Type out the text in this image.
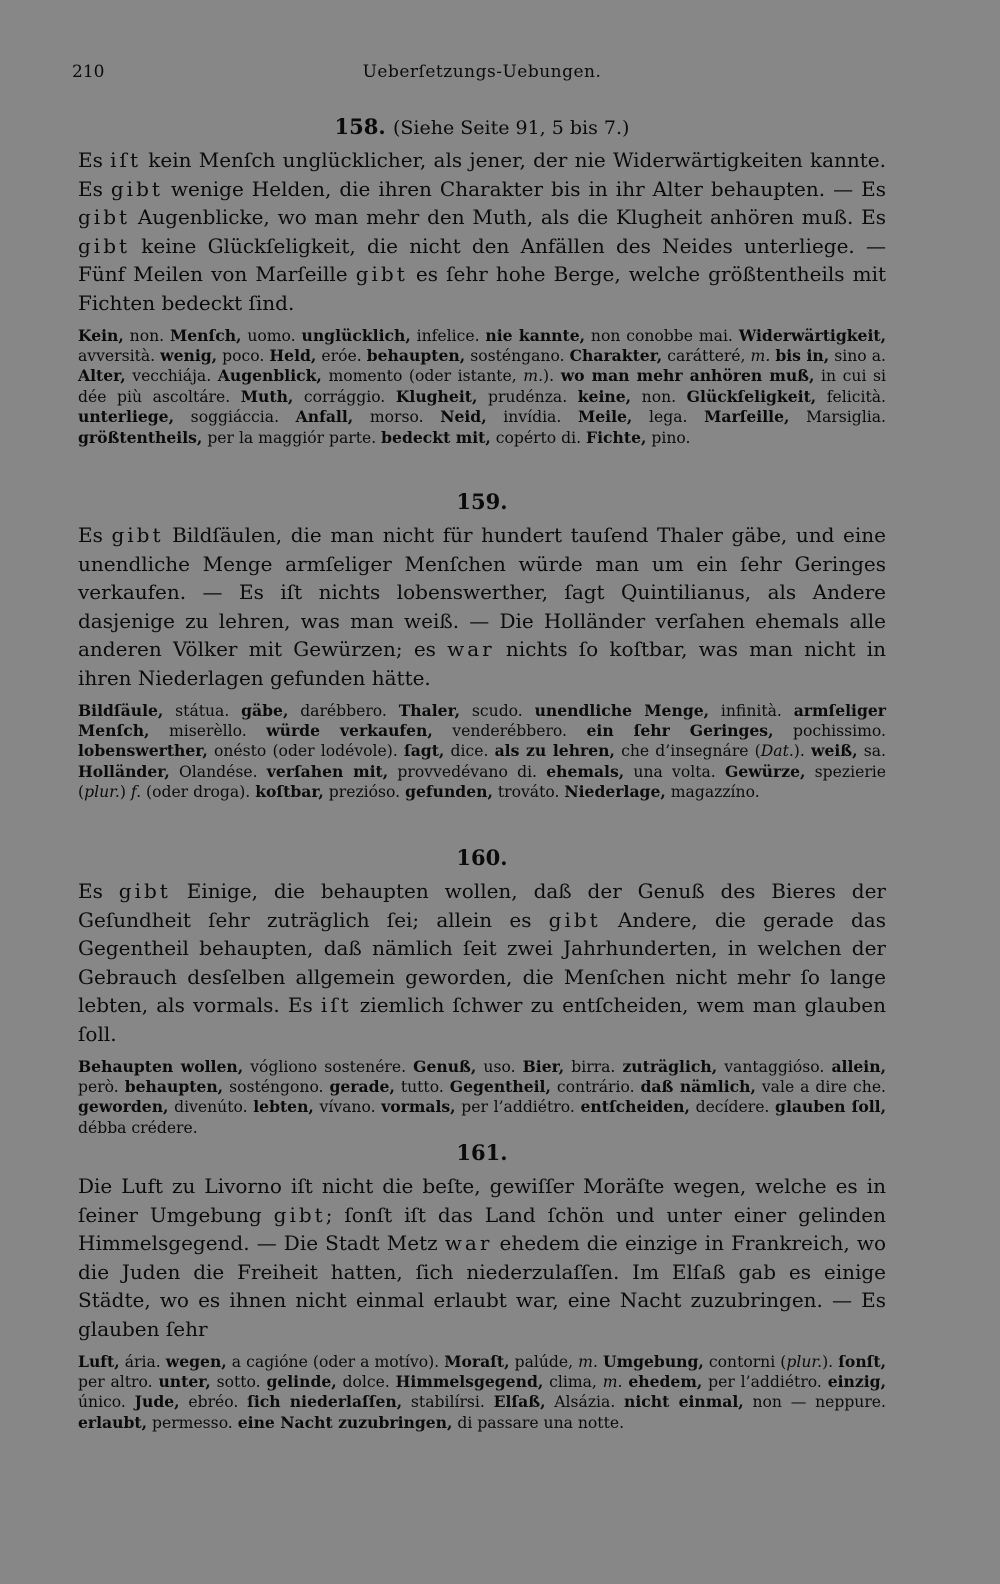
210	Ueberſetzungs-Uebungen.
158. (Siehe Seite 91, 5 bis 7.)

Es iſt kein Menſch unglücklicher, als jener, der nie Widerwärtigkeiten kannte. Es gibt wenige Helden, die ihren Charakter bis in ihr Alter behaupten. — Es gibt Augenblicke, wo man mehr den Muth, als die Klugheit anhören muß. Es gibt keine Glückſeligkeit, die nicht den Anfällen des Neides unterliege. — Fünf Meilen von Marſeille gibt es ſehr hohe Berge, welche größtentheils mit Fichten bedeckt ſind.

Kein, non. Menſch, uomo. unglücklich, infelice. nie kannte, non conobbe mai. Widerwärtigkeit, avversità. wenig, poco. Held, eróe. behaupten, sosténgano. Charakter, carátteré, m. bis in, sino a. Alter, vecchiája. Augenblick, momento (oder istante, m.). wo man mehr anhören muß, in cui si dée più ascoltáre. Muth, corrággio. Klugheit, prudénza. keine, non. Glückſeligkeit, felicità. unterliege, soggiáccia. Anfall, morso. Neid, invídia. Meile, lega. Marſeille, Marsiglia. größtentheils, per la maggiór parte. bedeckt mit, copérto di. Fichte, pino.

159.

Es gibt Bildſäulen, die man nicht für hundert tauſend Thaler gäbe, und eine unendliche Menge armſeliger Menſchen würde man um ein ſehr Geringes verkaufen. — Es iſt nichts lobenswerther, ſagt Quintilianus, als Andere dasjenige zu lehren, was man weiß. — Die Holländer verſahen ehemals alle anderen Völker mit Gewürzen; es war nichts ſo koſtbar, was man nicht in ihren Niederlagen gefunden hätte.

Bildſäule, státua. gäbe, darébbero. Thaler, scudo. unendliche Menge, infinità. armſeliger Menſch, miserèllo. würde verkaufen, venderébbero. ein ſehr Geringes, pochissimo. lobenswerther, onésto (oder lodévole). ſagt, dice. als zu lehren, che d’insegnáre (Dat.). weiß, sa. Holländer, Olandése. verſahen mit, provvedévano di. ehemals, una volta. Gewürze, spezierie (plur.) f. (oder droga). koſtbar, prezióso. gefunden, trováto. Niederlage, magazzíno.

160.

Es gibt Einige, die behaupten wollen, daß der Genuß des Bieres der Geſundheit ſehr zuträglich ſei; allein es gibt Andere, die gerade das Gegentheil behaupten, daß nämlich ſeit zwei Jahrhunderten, in welchen der Gebrauch desſelben allgemein geworden, die Menſchen nicht mehr ſo lange lebten, als vormals. Es iſt ziemlich ſchwer zu entſcheiden, wem man glauben ſoll.

Behaupten wollen, vógliono sostenére. Genuß, uso. Bier, birra. zuträglich, vantaggióso. allein, però. behaupten, sosténgono. gerade, tutto. Gegentheil, contrário. daß nämlich, vale a dire che. geworden, divenúto. lebten, vívano. vormals, per l’addiétro. entſcheiden, decídere. glauben ſoll, débba crédere.

161.

Die Luft zu Livorno iſt nicht die beſte, gewiſſer Moräſte wegen, welche es in ſeiner Umgebung gibt; ſonſt iſt das Land ſchön und unter einer gelinden Himmelsgegend. — Die Stadt Metz war ehedem die einzige in Frankreich, wo die Juden die Freiheit hatten, ſich niederzulaſſen. Im Elſaß gab es einige Städte, wo es ihnen nicht einmal erlaubt war, eine Nacht zuzubringen. — Es glauben ſehr

Luft, ária. wegen, a cagióne (oder a motívo). Moraſt, palúde, m. Umgebung, contorni (plur.). ſonſt, per altro. unter, sotto. gelinde, dolce. Himmelsgegend, clima, m. ehedem, per l’addiétro. einzig, único. Jude, ebréo. ſich niederlaſſen, stabilírsi. Elſaß, Alsázia. nicht einmal, non — neppure. erlaubt, permesso. eine Nacht zuzubringen, di passare una notte.
